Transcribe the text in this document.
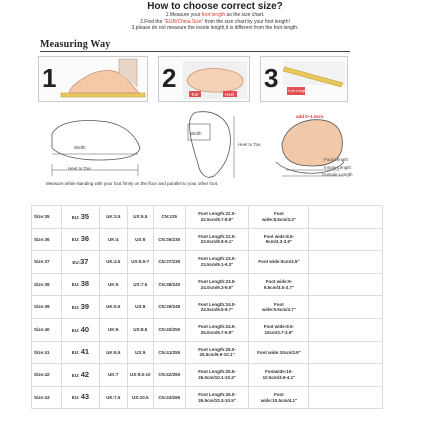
How to choose correct size?
1.Measure your foot length as the size chart.
2.Find the "EUR/China Size" from the size chart by your foot length!
3.please do not measure the insole length,it is different from the foot length.
Measuring Way
1	2
Toe	Heel
3	Foot Length
Width
Heel to Toe
Width
Heel to Toe
add 0~1.5cm
Foot Length
Insole Length
Outsole Length
Measure while standing with your foot firmly on the floor and parallel to your other foot.
Size:35	EU: 35	UK:3.5	US:5.5	CN:225	Foot Length:22.0-
22.5cm/8.7-8.9"	Foot
wide:8.5cm/3.3"	
Size:36	EU: 36	UK:4	US:6	CN:36/230	Foot Length:22.5-
23.0cm/8.9-9.1"	Foot wide:8.5-
9cm/3.3-3.5"	
Size:37	EU:37	UK:4.5	US:6.5-7	CN:37/235	Foot Length:23.0-
23.5cm/9.1-9.3"	Foot wide:9cm/3.5"

Size:38	EU: 38	UK:5	US:7.5	CN:38/240	Foot Length:23.5-
24.0cm/9.3-9.5"	Foot wide:9-
9.5cm/3.5-3.7"	
Size:39	EU: 39	UK:5.5	US:8	CN:39/245	Foot Length:24.0-
24.5cm/9.5-9.7"	Foot
wide:9.5cm/3.7"	
Size:40	EU: 40	UK:6	US:8.5	CN:40/250	Foot Length:24.5-
25.0cm/9.7-9.9"	Foot wide:9.5-
10cm/3.7-3.9"	
Size:41	EU: 41	UK:6.5	US:9	CN:41/255	Foot Length:25.0-
25.5cm/9.9-10.1"	Foot wide:10cm/3.9"

Size:42	EU: 42	UK:7	US:9.5-10	CN:42/260	Foot Length:25.5-
26.0cm/10.1-10.3"	Footwide:10-
10.5cm/3.9-4.1"	
Size:43	EU: 43	UK:7.5	US:10.5	CN:43/265	Foot Length:26.0-
26.5cm/10.3-10.5"	Foot
wide:10.5cm/4.1"	
